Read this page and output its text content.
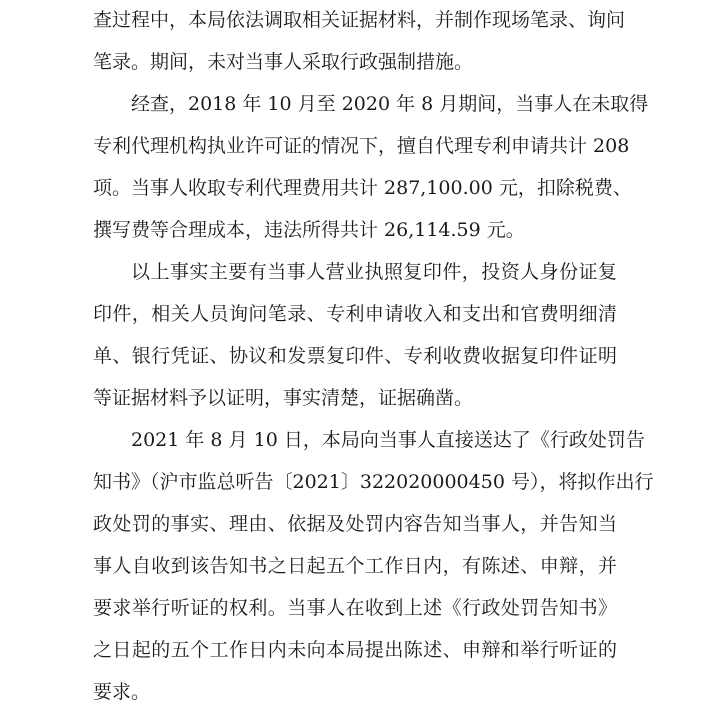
查过程中，本局依法调取相关证据材料，并制作现场笔录、询问
笔录。期间，未对当事人采取行政强制措施。
经查，2018 年 10 月至 2020 年 8 月期间，当事人在未取得
专利代理机构执业许可证的情况下，擅自代理专利申请共计 208
项。当事人收取专利代理费用共计 287,100.00 元，扣除税费、
撰写费等合理成本，违法所得共计 26,114.59 元。
以上事实主要有当事人营业执照复印件，投资人身份证复
印件，相关人员询问笔录、专利申请收入和支出和官费明细清
单、银行凭证、协议和发票复印件、专利收费收据复印件证明
等证据材料予以证明，事实清楚，证据确凿。
2021 年 8 月 10 日，本局向当事人直接送达了《行政处罚告
知书》（沪市监总听告〔2021〕322020000450 号），将拟作出行
政处罚的事实、理由、依据及处罚内容告知当事人，并告知当
事人自收到该告知书之日起五个工作日内，有陈述、申辩，并
要求举行听证的权利。当事人在收到上述《行政处罚告知书》
之日起的五个工作日内未向本局提出陈述、申辩和举行听证的
要求。
